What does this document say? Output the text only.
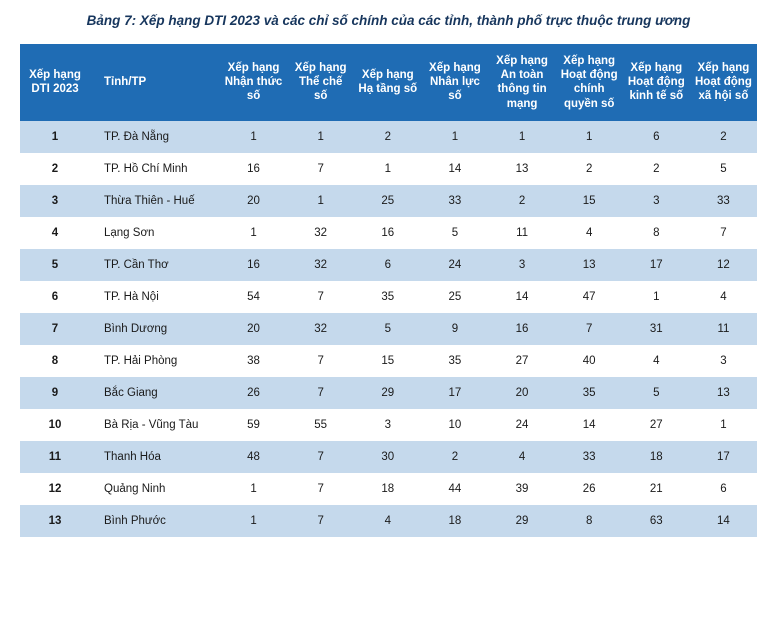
Bảng 7: Xếp hạng DTI 2023 và các chỉ số chính của các tỉnh, thành phố trực thuộc trung ương
Xếp hạng DTI 2023	Tỉnh/TP	Xếp hạng Nhận thức số	Xếp hạng Thể chế số	Xếp hạng Hạ tầng số	Xếp hạng Nhân lực số	Xếp hạng An toàn thông tin mạng	Xếp hạng Hoạt động chính quyền số	Xếp hạng Hoạt động kinh tế số	Xếp hạng Hoạt động xã hội số
1	TP. Đà Nẵng	1	1	2	1	1	1	6	2
2	TP. Hồ Chí Minh	16	7	1	14	13	2	2	5
3	Thừa Thiên - Huế	20	1	25	33	2	15	3	33
4	Lạng Sơn	1	32	16	5	11	4	8	7
5	TP. Cần Thơ	16	32	6	24	3	13	17	12
6	TP. Hà Nội	54	7	35	25	14	47	1	4
7	Bình Dương	20	32	5	9	16	7	31	11
8	TP. Hải Phòng	38	7	15	35	27	40	4	3
9	Bắc Giang	26	7	29	17	20	35	5	13
10	Bà Rịa - Vũng Tàu	59	55	3	10	24	14	27	1
11	Thanh Hóa	48	7	30	2	4	33	18	17
12	Quảng Ninh	1	7	18	44	39	26	21	6
13	Bình Phước	1	7	4	18	29	8	63	14
